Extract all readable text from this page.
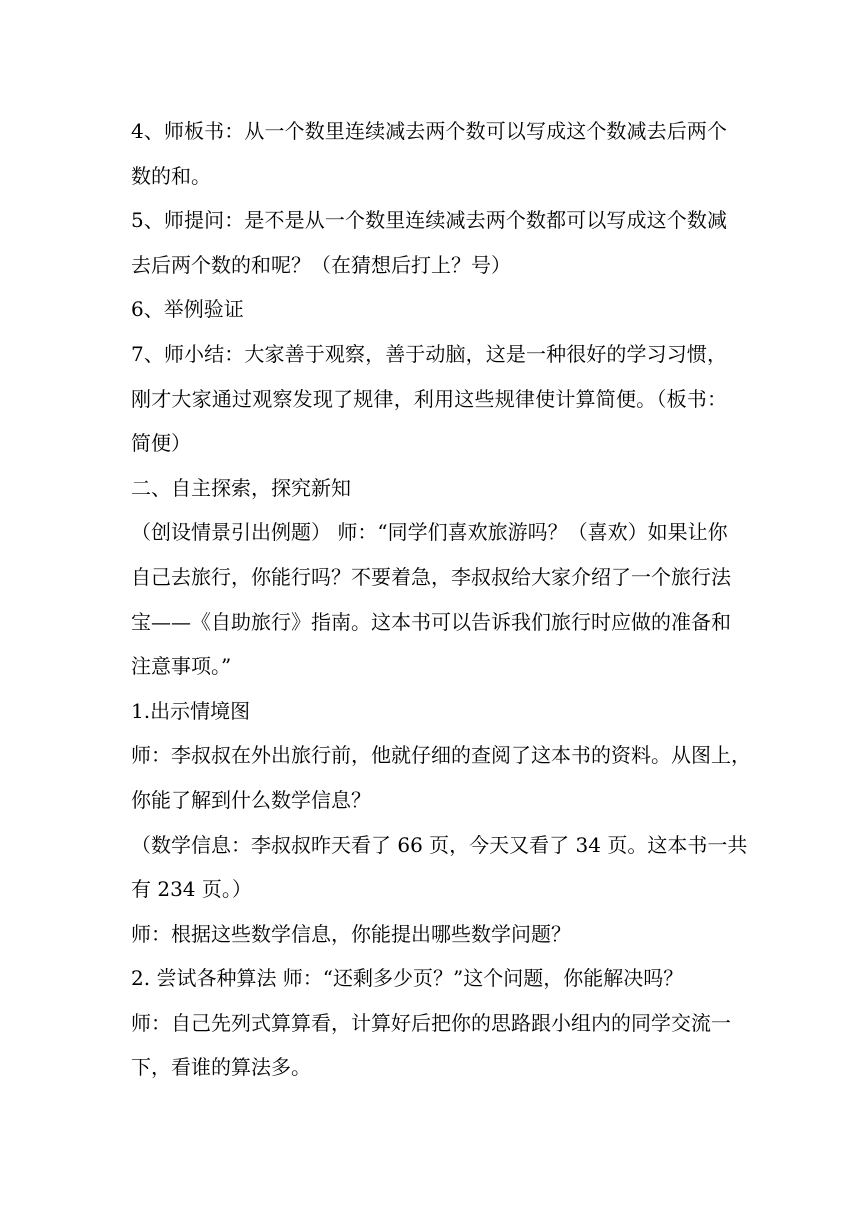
4、师板书：从一个数里连续减去两个数可以写成这个数减去后两个
数的和。
5、师提问：是不是从一个数里连续减去两个数都可以写成这个数减
去后两个数的和呢？（在猜想后打上？号）
6、举例验证
7、师小结：大家善于观察，善于动脑，这是一种很好的学习习惯，
刚才大家通过观察发现了规律，利用这些规律使计算简便。（板书：
简便）
二、自主探索，探究新知
（创设情景引出例题） 师：“同学们喜欢旅游吗？（喜欢）如果让你
自己去旅行，你能行吗？不要着急，李叔叔给大家介绍了一个旅行法
宝——《自助旅行》指南。这本书可以告诉我们旅行时应做的准备和
注意事项。”
1.出示情境图
师：李叔叔在外出旅行前，他就仔细的查阅了这本书的资料。从图上，
你能了解到什么数学信息？
（数学信息：李叔叔昨天看了 66 页，今天又看了 34 页。这本书一共
有 234 页。）
师：根据这些数学信息，你能提出哪些数学问题？
2. 尝试各种算法 师：“还剩多少页？”这个问题，你能解决吗？
师：自己先列式算算看，计算好后把你的思路跟小组内的同学交流一
下，看谁的算法多。
